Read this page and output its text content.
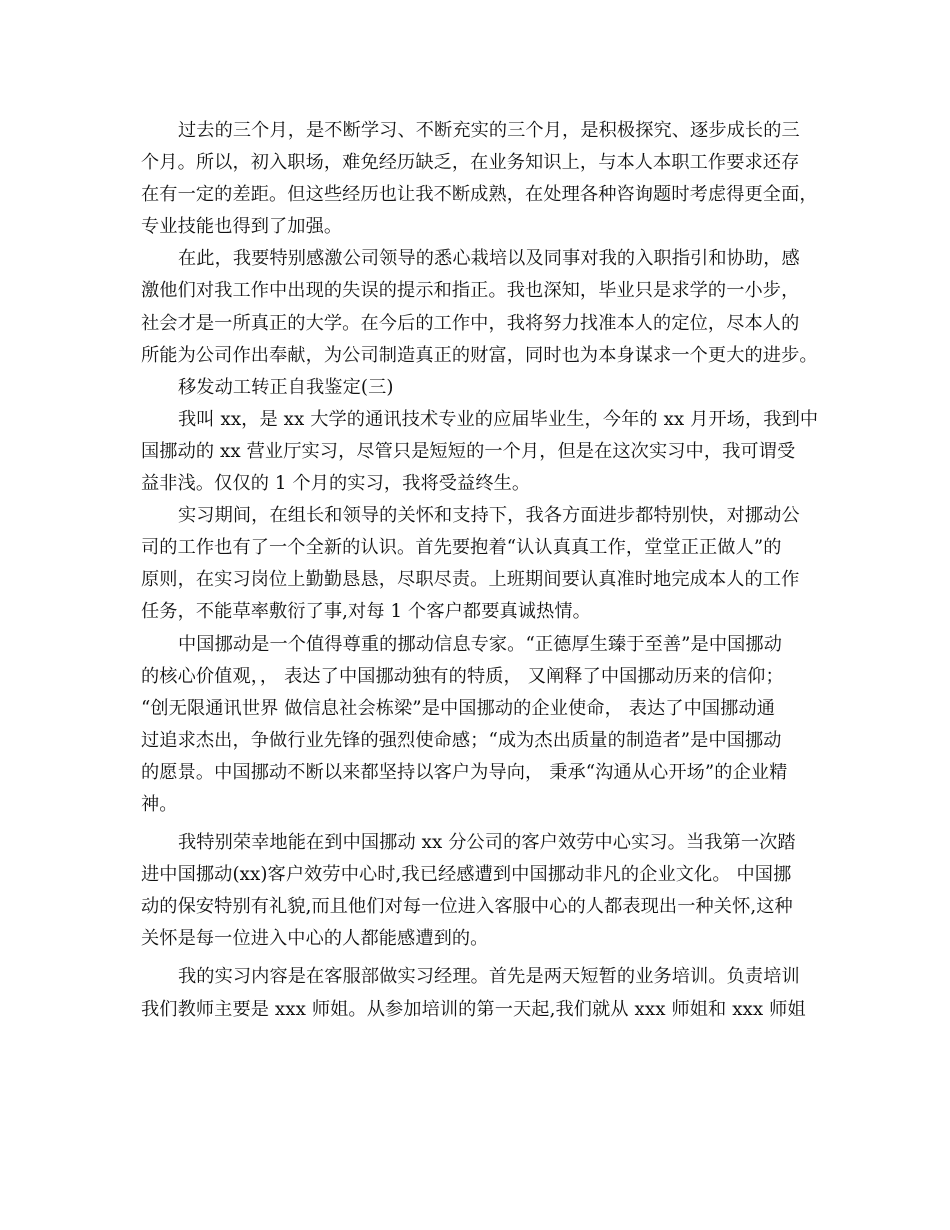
过去的三个月，是不断学习、不断充实的三个月，是积极探究、逐步成长的三
个月。所以，初入职场，难免经历缺乏，在业务知识上，与本人本职工作要求还存
在有一定的差距。但这些经历也让我不断成熟，在处理各种咨询题时考虑得更全面，
专业技能也得到了加强。
在此，我要特别感激公司领导的悉心栽培以及同事对我的入职指引和协助，感
激他们对我工作中出现的失误的提示和指正。我也深知，毕业只是求学的一小步，
社会才是一所真正的大学。在今后的工作中，我将努力找准本人的定位，尽本人的
所能为公司作出奉献，为公司制造真正的财富，同时也为本身谋求一个更大的进步。
移发动工转正自我鉴定(三)
我叫 xx，是 xx 大学的通讯技术专业的应届毕业生，今年的 xx 月开场，我到中
国挪动的 xx 营业厅实习，尽管只是短短的一个月，但是在这次实习中，我可谓受
益非浅。仅仅的 1 个月的实习，我将受益终生。
实习期间，在组长和领导的关怀和支持下，我各方面进步都特别快，对挪动公
司的工作也有了一个全新的认识。首先要抱着“认认真真工作，堂堂正正做人”的
原则，在实习岗位上勤勤恳恳，尽职尽责。上班期间要认真准时地完成本人的工作
任务，不能草率敷衍了事,对每 1 个客户都要真诚热情。
中国挪动是一个值得尊重的挪动信息专家。“正德厚生臻于至善”是中国挪动
的核心价值观，， 表达了中国挪动独有的特质， 又阐释了中国挪动历来的信仰；
“创无限通讯世界 做信息社会栋梁”是中国挪动的企业使命， 表达了中国挪动通
过追求杰出，争做行业先锋的强烈使命感；“成为杰出质量的制造者”是中国挪动
的愿景。中国挪动不断以来都坚持以客户为导向， 秉承“沟通从心开场”的企业精
神。
我特别荣幸地能在到中国挪动 xx 分公司的客户效劳中心实习。当我第一次踏
进中国挪动(xx)客户效劳中心时,我已经感遭到中国挪动非凡的企业文化。 中国挪
动的保安特别有礼貌,而且他们对每一位进入客服中心的人都表现出一种关怀,这种
关怀是每一位进入中心的人都能感遭到的。
我的实习内容是在客服部做实习经理。首先是两天短暂的业务培训。负责培训
我们教师主要是 xxx 师姐。从参加培训的第一天起,我们就从 xxx 师姐和 xxx 师姐
